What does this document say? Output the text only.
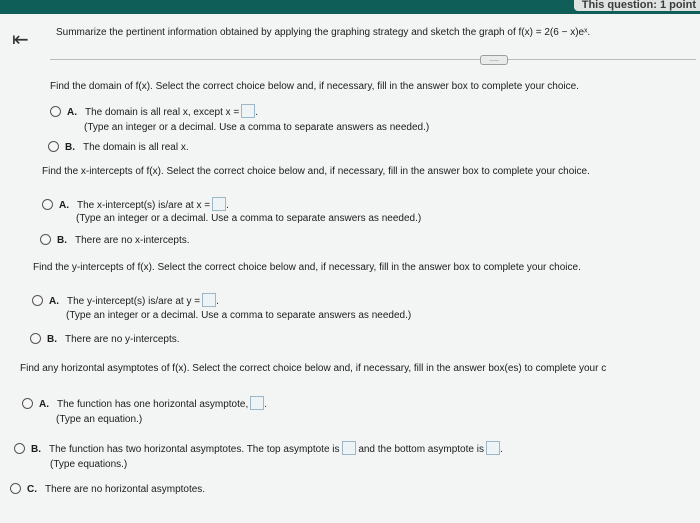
This question: 1 point
⇤	Summarize the pertinent information obtained by applying the graphing strategy and sketch the graph of f(x) = 2(6 − x)eˣ.
.....
Find the domain of f(x). Select the correct choice below and, if necessary, fill in the answer box to complete your choice.
A. The domain is all real x, except x = .
(Type an integer or a decimal. Use a comma to separate answers as needed.)
B. The domain is all real x.
Find the x-intercepts of f(x). Select the correct choice below and, if necessary, fill in the answer box to complete your choice.
A. The x-intercept(s) is/are at x = .
(Type an integer or a decimal. Use a comma to separate answers as needed.)
B. There are no x-intercepts.
Find the y-intercepts of f(x). Select the correct choice below and, if necessary, fill in the answer box to complete your choice.
A. The y-intercept(s) is/are at y = .
(Type an integer or a decimal. Use a comma to separate answers as needed.)
B. There are no y-intercepts.
Find any horizontal asymptotes of f(x). Select the correct choice below and, if necessary, fill in the answer box(es) to complete your c
A. The function has one horizontal asymptote, .
(Type an equation.)
B. The function has two horizontal asymptotes. The top asymptote is and the bottom asymptote is .
(Type equations.)
C. There are no horizontal asymptotes.
